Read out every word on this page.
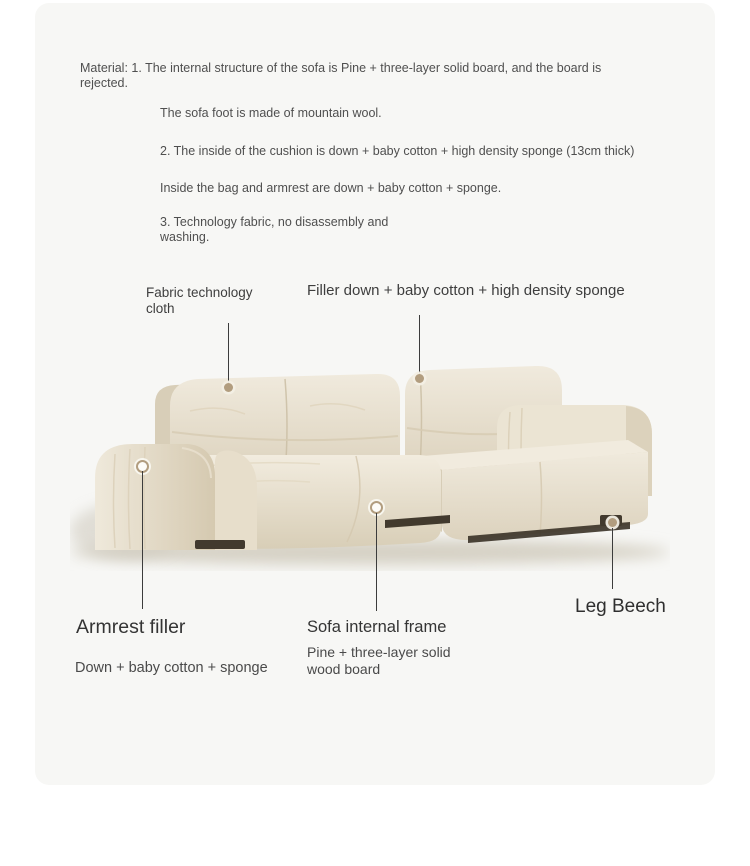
Material: 1. The internal structure of the sofa is Pine + three-layer solid board, and the board is rejected.
The sofa foot is made of mountain wool.
2. The inside of the cushion is down + baby cotton + high density sponge (13cm thick)
Inside the bag and armrest are down + baby cotton + sponge.
3. Technology fabric, no disassembly and washing.
Fabric technology cloth
Filler down + baby cotton + high density sponge
Armrest filler
Down + baby cotton + sponge
Sofa internal frame
Pine + three-layer solid wood board
Leg Beech
